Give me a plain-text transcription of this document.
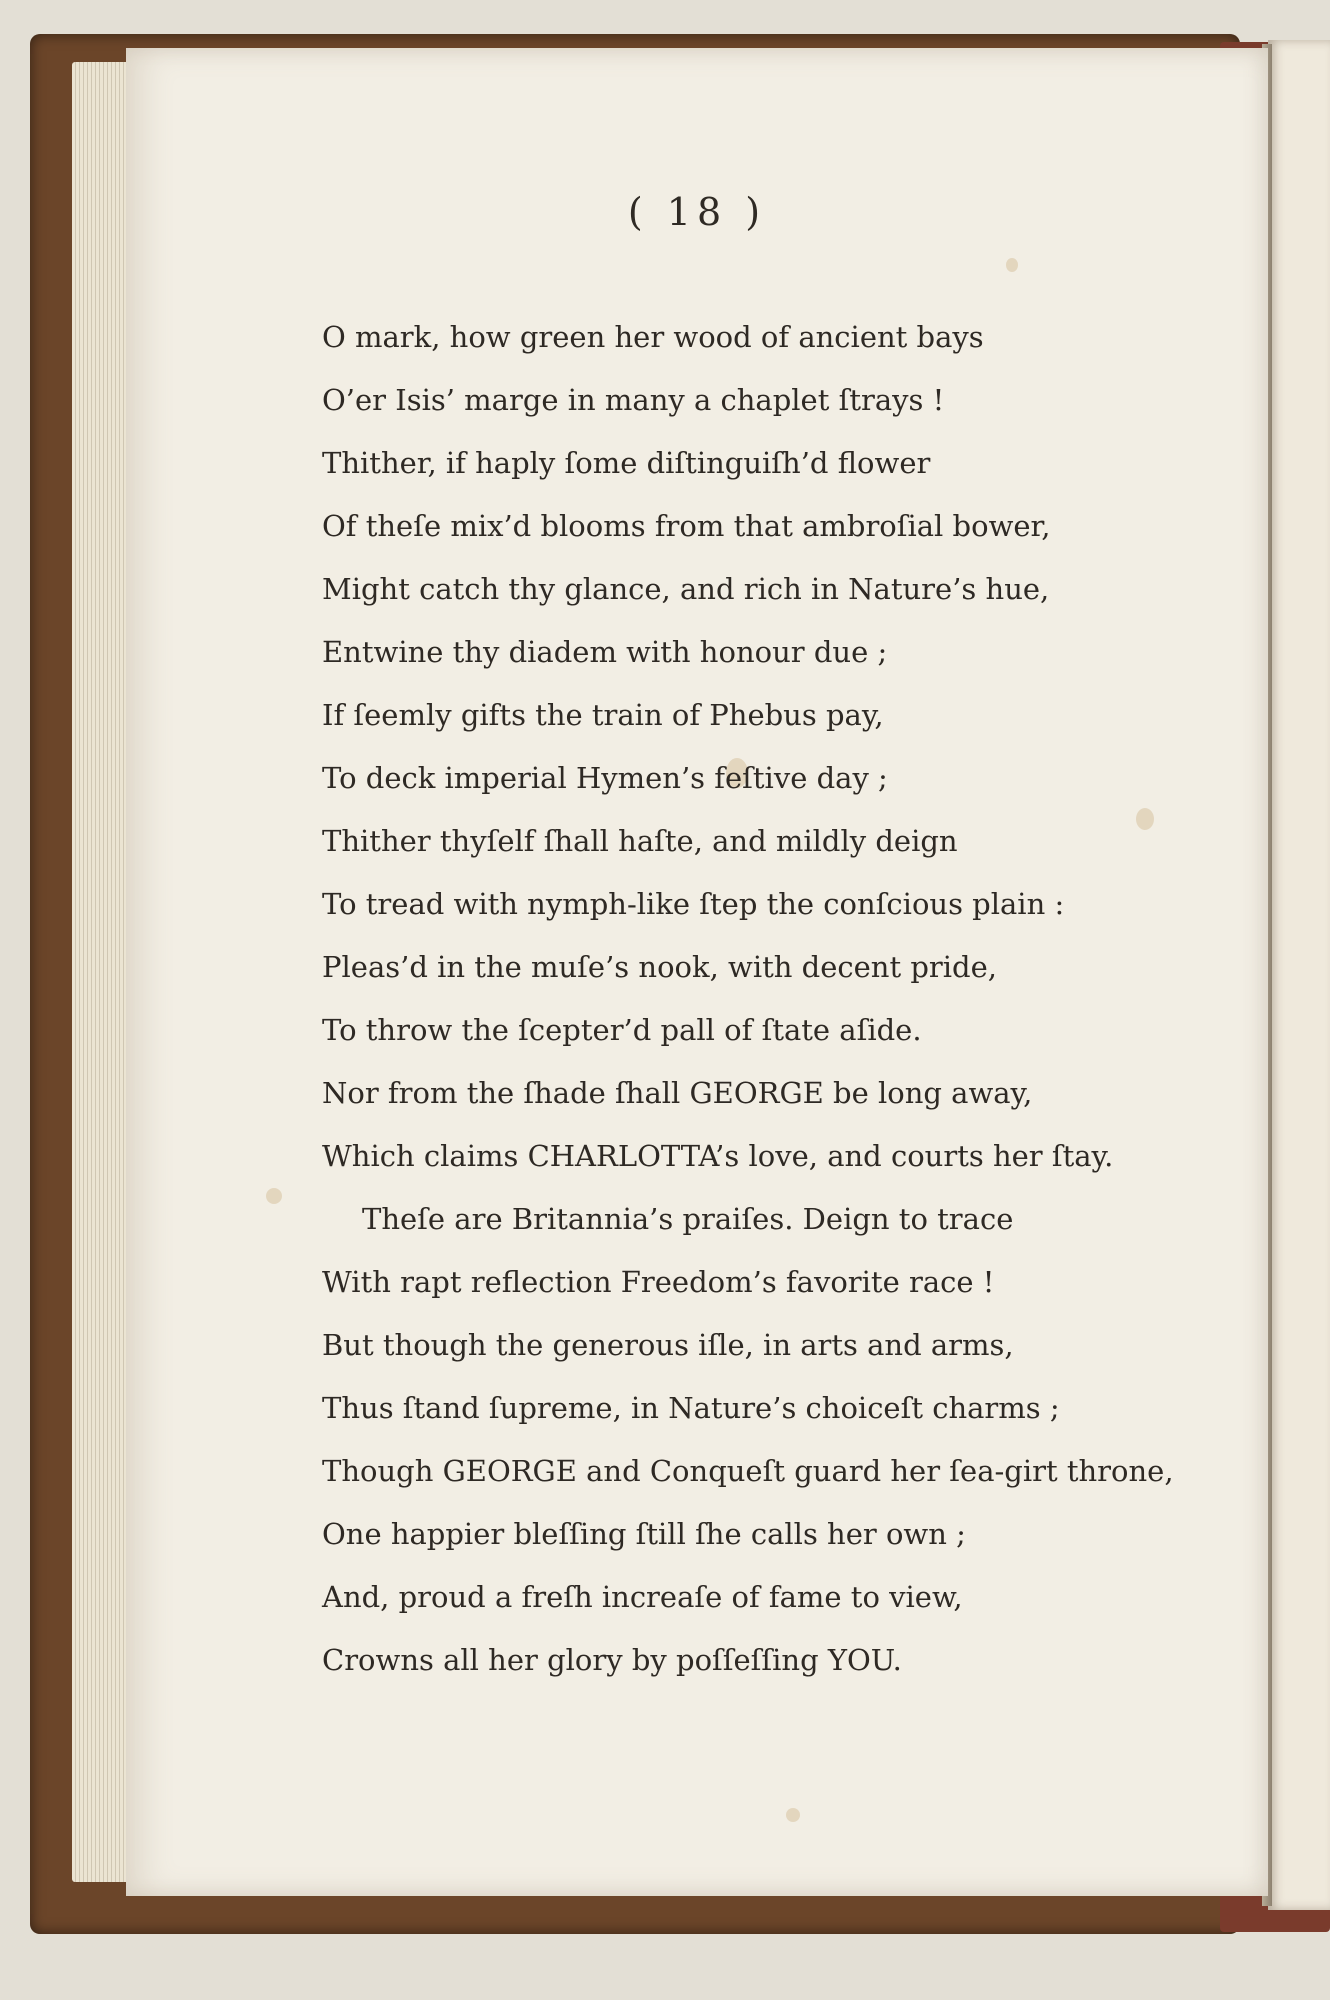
( 18 )
O mark, how green her wood of ancient bays
O’er Isis’ marge in many a chaplet ſtrays !
Thither, if haply ſome diſtinguiſh’d flower
Of theſe mix’d blooms from that ambroſial bower,
Might catch thy glance, and rich in Nature’s hue,
Entwine thy diadem with honour due ;
If ſeemly gifts the train of Phebus pay,
To deck imperial Hymen’s feſtive day ;
Thither thyſelf ſhall haſte, and mildly deign
To tread with nymph-like ſtep the conſcious plain :
Pleas’d in the muſe’s nook, with decent pride,
To throw the ſcepter’d pall of ſtate aſide.
Nor from the ſhade ſhall GEORGE be long away,
Which claims CHARLOTTA’s love, and courts her ſtay.
Theſe are Britannia’s praiſes. Deign to trace
With rapt reflection Freedom’s favorite race !
But though the generous iſle, in arts and arms,
Thus ſtand ſupreme, in Nature’s choiceſt charms ;
Though GEORGE and Conqueſt guard her ſea-girt throne,
One happier bleſſing ſtill ſhe calls her own ;
And, proud a freſh increaſe of fame to view,
Crowns all her glory by poſſeſſing YOU.
